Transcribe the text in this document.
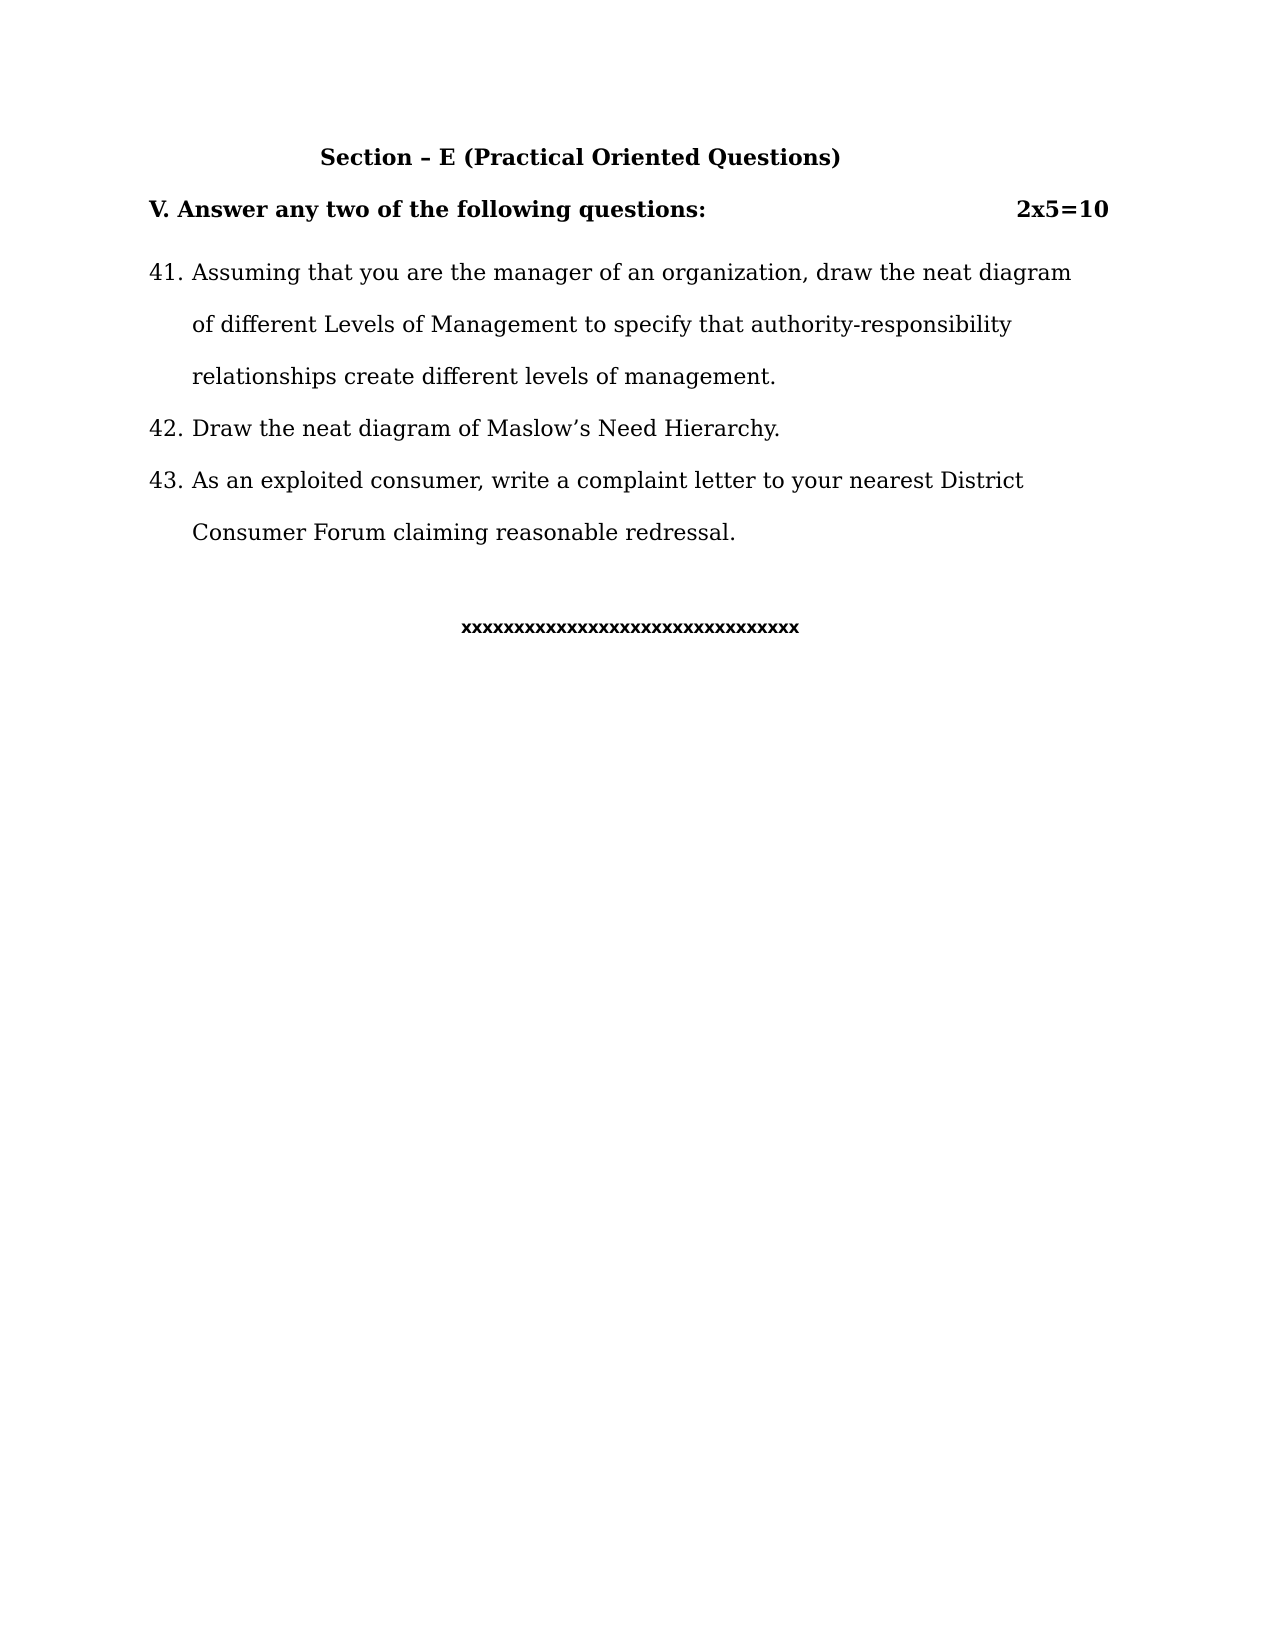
Section – E (Practical Oriented Questions)
V. Answer any two of the following questions:	2x5=10
41. Assuming that you are the manager of an organization, draw the neat diagram of different Levels of Management to specify that authority-responsibility relationships create different levels of management.
42. Draw the neat diagram of Maslow’s Need Hierarchy.
43. As an exploited consumer, write a complaint letter to your nearest District Consumer Forum claiming reasonable redressal.
xxxxxxxxxxxxxxxxxxxxxxxxxxxxxxxx
